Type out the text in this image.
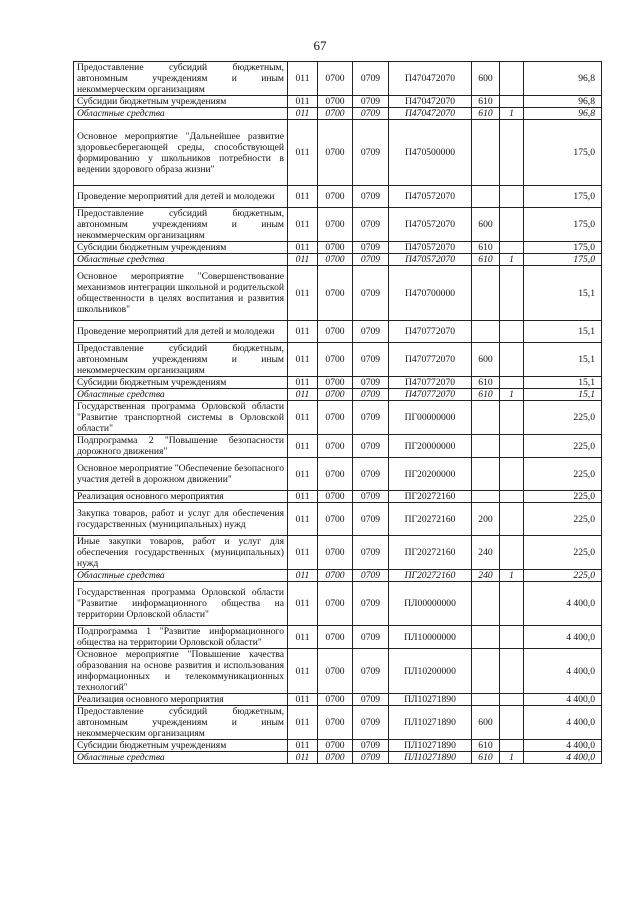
67
Предоставление субсидий бюджетным, автономным учреждениям и иным некоммерческим организациям	011	0700	0709	П470472070	600		96,8
Субсидии бюджетным учреждениям	011	0700	0709	П470472070	610		96,8
Областные средства	011	0700	0709	П470472070	610	1	96,8
Основное мероприятие "Дальнейшее развитие здоровьесберегающей среды, способствующей формированию у школьников потребности в ведении здорового образа жизни"	011	0700	0709	П470500000			175,0
Проведение мероприятий для детей и молодежи	011	0700	0709	П470572070			175,0
Предоставление субсидий бюджетным, автономным учреждениям и иным некоммерческим организациям	011	0700	0709	П470572070	600		175,0
Субсидии бюджетным учреждениям	011	0700	0709	П470572070	610		175,0
Областные средства	011	0700	0709	П470572070	610	1	175,0
Основное мероприятие "Совершенствование механизмов интеграции школьной и родительской общественности в целях воспитания и развития школьников"	011	0700	0709	П470700000			15,1
Проведение мероприятий для детей и молодежи	011	0700	0709	П470772070			15,1
Предоставление субсидий бюджетным, автономным учреждениям и иным некоммерческим организациям	011	0700	0709	П470772070	600		15,1
Субсидии бюджетным учреждениям	011	0700	0709	П470772070	610		15,1
Областные средства	011	0700	0709	П470772070	610	1	15,1
Государственная программа Орловской области "Развитие транспортной системы в Орловской области"	011	0700	0709	ПГ00000000			225,0
Подпрограмма 2 "Повышение безопасности дорожного движения"	011	0700	0709	ПГ20000000			225,0
Основное мероприятие "Обеспечение безопасного участия детей в дорожном движении"	011	0700	0709	ПГ20200000			225,0
Реализация основного мероприятия	011	0700	0709	ПГ20272160			225,0
Закупка товаров, работ и услуг для обеспечения государственных (муниципальных) нужд	011	0700	0709	ПГ20272160	200		225,0
Иные закупки товаров, работ и услуг для обеспечения государственных (муниципальных) нужд	011	0700	0709	ПГ20272160	240		225,0
Областные средства	011	0700	0709	ПГ20272160	240	1	225,0
Государственная программа Орловской области "Развитие информационного общества на территории Орловской области"	011	0700	0709	ПЛ00000000			4 400,0
Подпрограмма 1 "Развитие информационного общества на территории Орловской области"	011	0700	0709	ПЛ10000000			4 400,0
Основное мероприятие "Повышение качества образования на основе развития и использования информационных и телекоммуникационных технологий"	011	0700	0709	ПЛ10200000			4 400,0
Реализация основного мероприятия	011	0700	0709	ПЛ10271890			4 400,0
Предоставление субсидий бюджетным, автономным учреждениям и иным некоммерческим организациям	011	0700	0709	ПЛ10271890	600		4 400,0
Субсидии бюджетным учреждениям	011	0700	0709	ПЛ10271890	610		4 400,0
Областные средства	011	0700	0709	ПЛ10271890	610	1	4 400,0
